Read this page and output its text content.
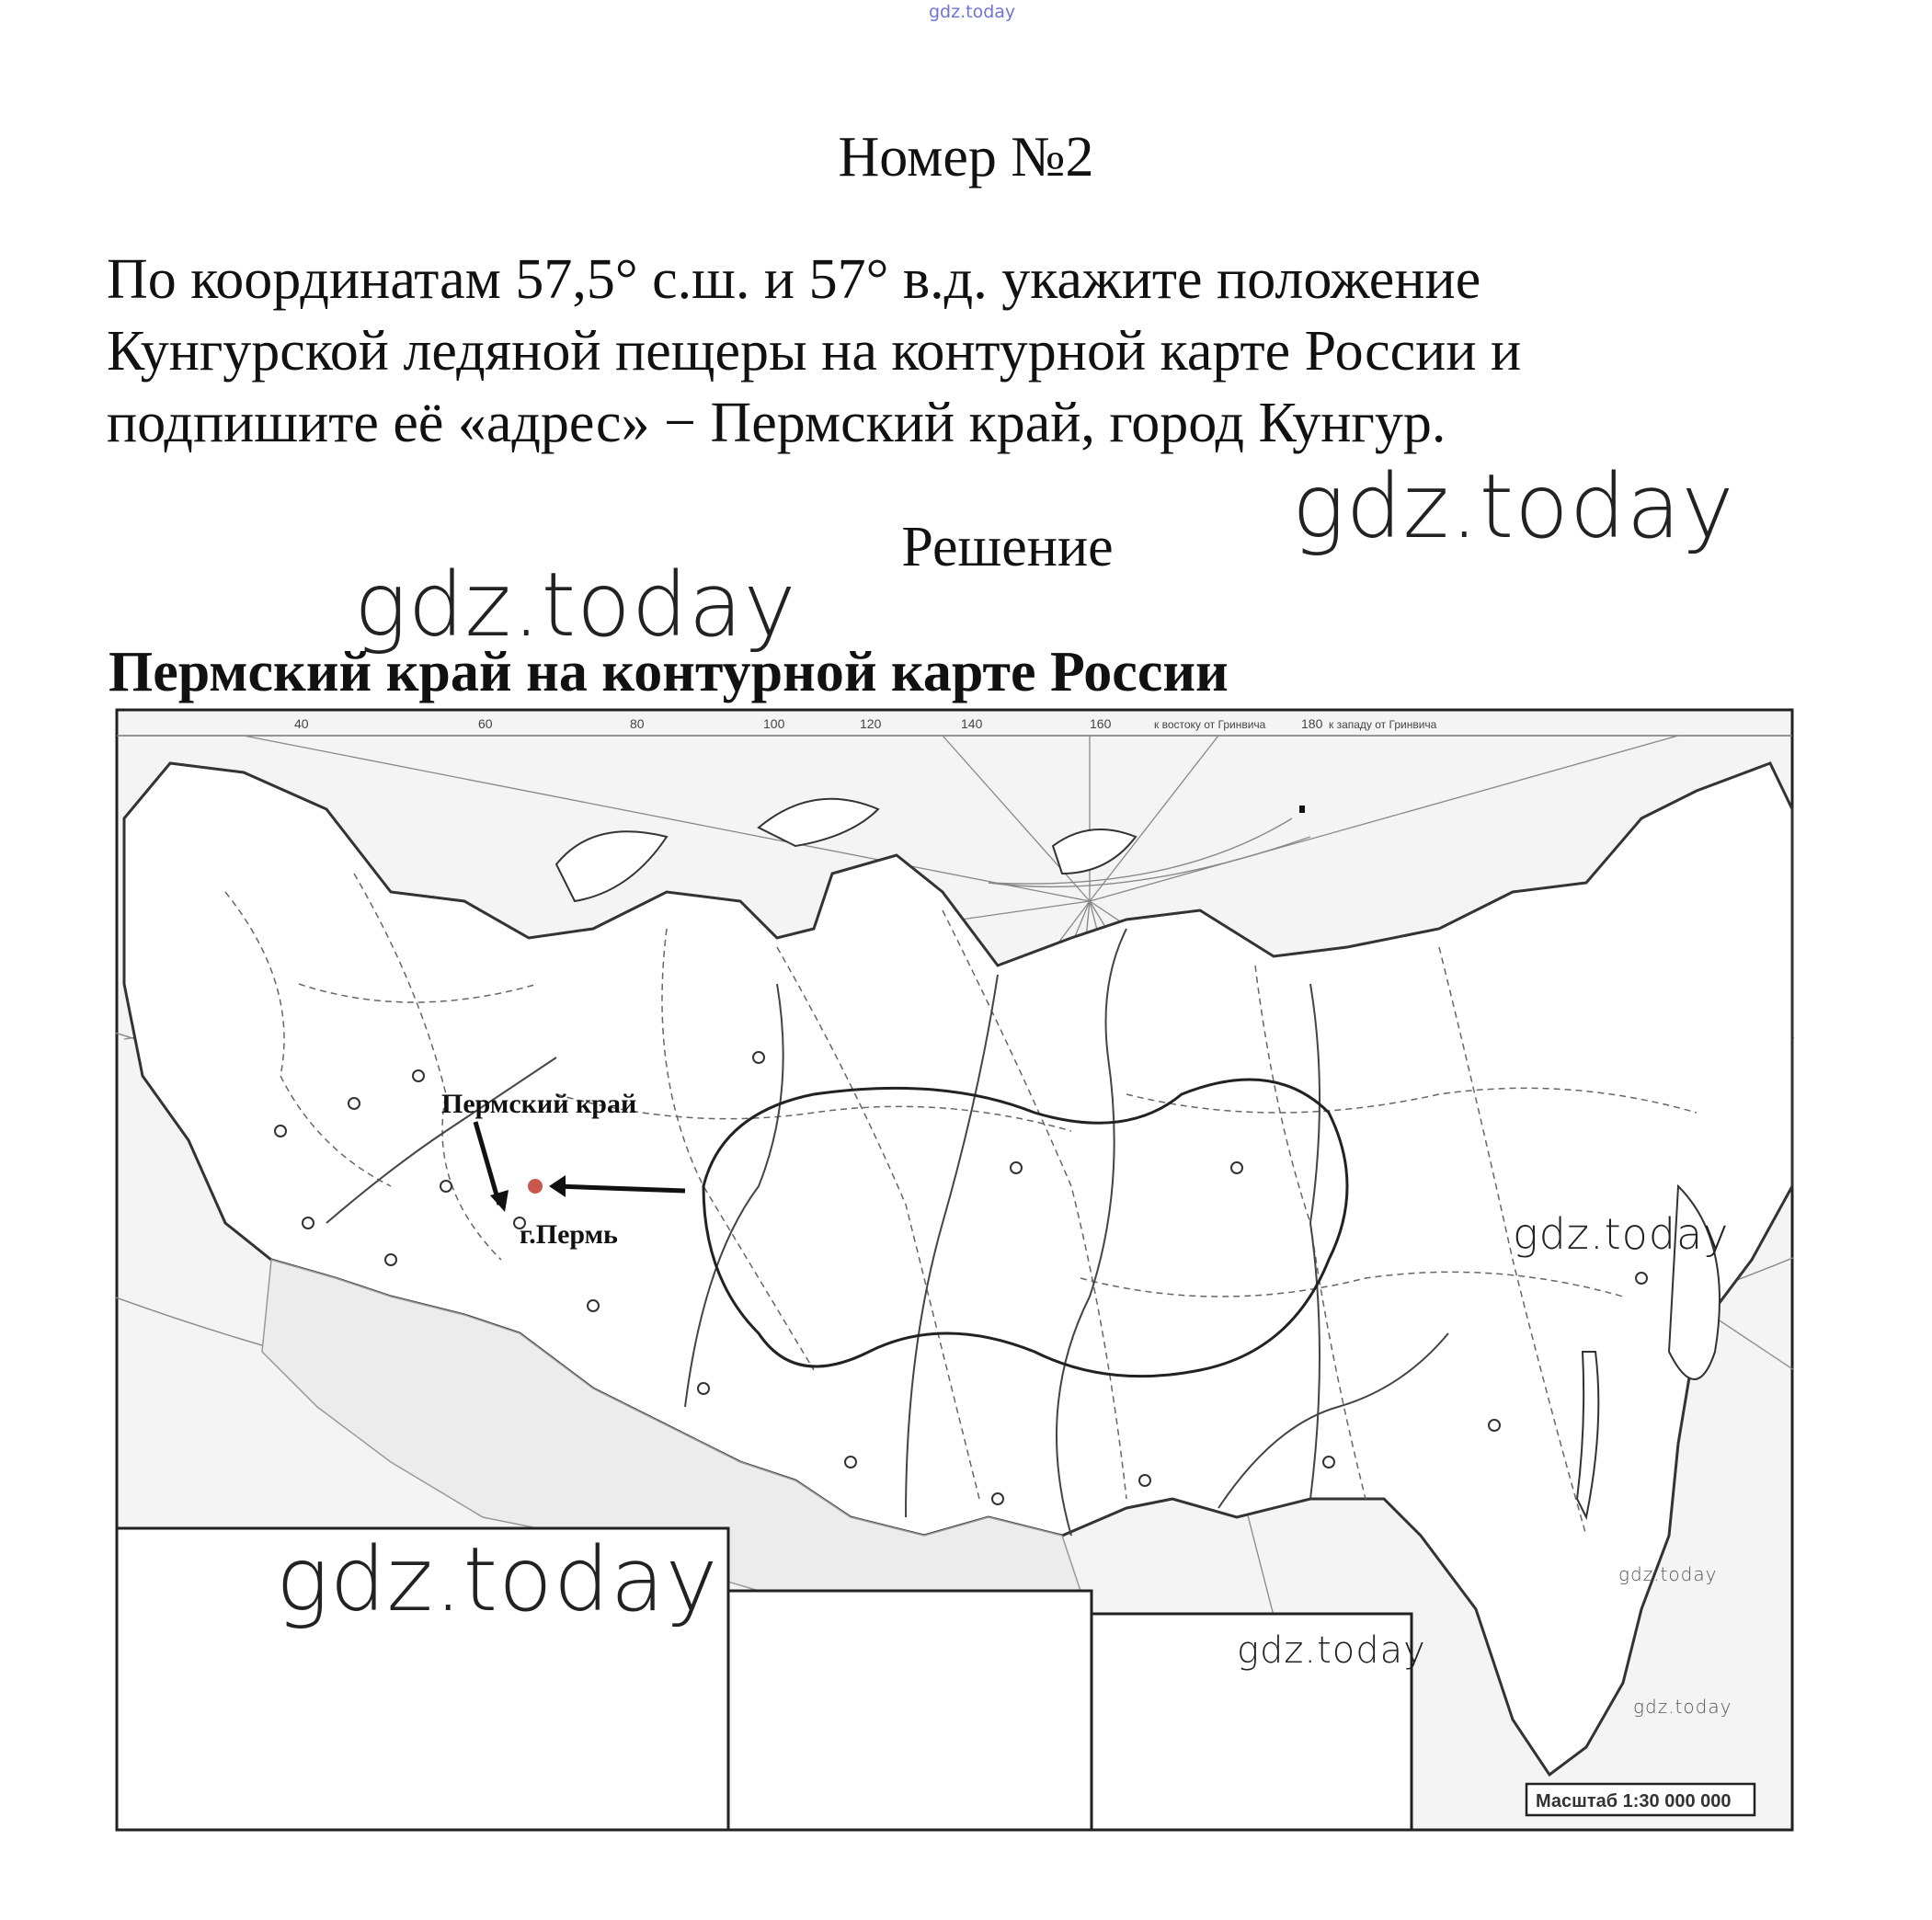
gdz.today
Номер №2
По координатам 57,5° с.ш. и 57° в.д. укажите положение
Кунгурской ледяной пещеры на контурной карте России и
подпишите её «адрес» − Пермский край, город Кунгур.
gdz.today
Решение
gdz.today
Пермский край на контурной карте России
40	60	80	100	120	140	160	180
к востоку от Гринвича	к западу от Гринвича
Пермский край
г.Пермь
Масштаб 1:30 000 000
gdz.today
gdz.today
gdz.today
gdz.today
gdz.today
